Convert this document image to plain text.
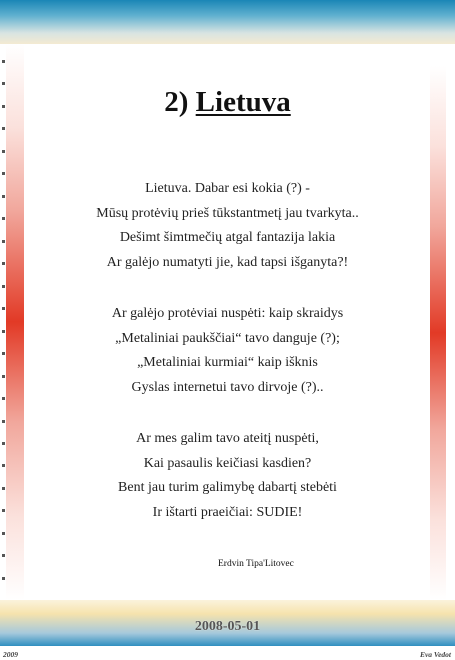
2) Lietuva
Lietuva. Dabar esi kokia (?) -
Mūsų protėvių prieš tūkstantmetį jau tvarkyta..
Dešimt šimtmečių atgal fantazija lakia
Ar galėjo numatyti jie, kad tapsi išganyta?!
Ar galėjo protėviai nuspėti: kaip skraidys
„Metaliniai paukščiai“ tavo danguje (?);
„Metaliniai kurmiai“ kaip išknis
Gyslas internetui tavo dirvoje (?)..
Ar mes galim tavo ateitį nuspėti,
Kai pasaulis keičiasi kasdien?
Bent jau turim galimybę dabartį stebėti
Ir ištarti praeičiai: SUDIE!
Erdvin Tipa'Litovec
2008-05-01
2009	Eva Vedot
